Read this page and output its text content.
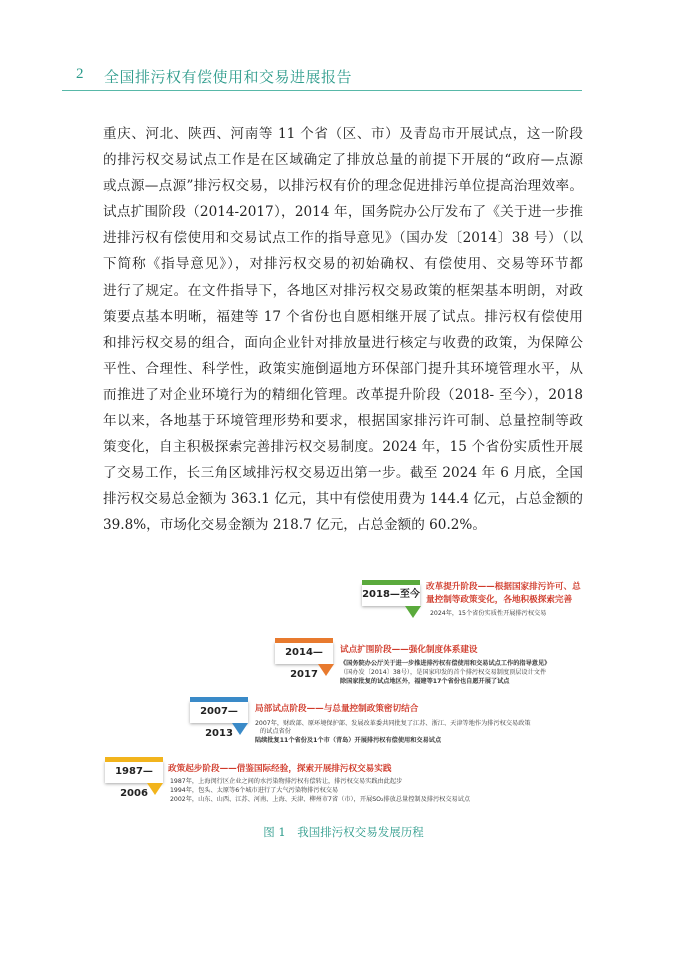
2 全国排污权有偿使用和交易进展报告
重庆、河北、陕西、河南等 11 个省（区、市）及青岛市开展试点，这一阶段
的排污权交易试点工作是在区域确定了排放总量的前提下开展的“政府—点源
或点源—点源”排污权交易，以排污权有价的理念促进排污单位提高治理效率。
试点扩围阶段（2014-2017），2014 年，国务院办公厅发布了《关于进一步推
进排污权有偿使用和交易试点工作的指导意见》（国办发〔2014〕38 号）（以
下简称《指导意见》），对排污权交易的初始确权、有偿使用、交易等环节都
进行了规定。在文件指导下，各地区对排污权交易政策的框架基本明朗，对政
策要点基本明晰，福建等 17 个省份也自愿相继开展了试点。排污权有偿使用
和排污权交易的组合，面向企业针对排放量进行核定与收费的政策，为保障公
平性、合理性、科学性，政策实施倒逼地方环保部门提升其环境管理水平，从
而推进了对企业环境行为的精细化管理。改革提升阶段（2018- 至今），2018
年以来，各地基于环境管理形势和要求，根据国家排污许可制、总量控制等政
策变化，自主积极探索完善排污权交易制度。2024 年，15 个省份实质性开展
了交易工作，长三角区域排污权交易迈出第一步。截至 2024 年 6 月底，全国
排污权交易总金额为 363.1 亿元，其中有偿使用费为 144.4 亿元，占总金额的
39.8%，市场化交易金额为 218.7 亿元，占总金额的 60.2%。
2018—至今
改革提升阶段——根据国家排污许可、总
量控制等政策变化，各地积极探索完善
2024年，15个省份实质性开展排污权交易
2014—2017
试点扩围阶段——强化制度体系建设
《国务院办公厅关于进一步推进排污权有偿使用和交易试点工作的指导意见》
（国办发〔2014〕38号），是国家印发的首个排污权交易制度顶层设计文件
除国家批复的试点地区外，福建等17个省份也自愿开展了试点
2007—2013
局部试点阶段——与总量控制政策密切结合
2007年，财政部、原环境保护部、发展改革委共同批复了江苏、浙江、天津等地作为排污权交易政策
的试点省份
陆续批复11个省份及1个市（青岛）开展排污权有偿使用和交易试点
1987—2006
政策起步阶段——借鉴国际经验，探索开展排污权交易实践
1987年，上海闵行区企业之间的水污染物排污权有偿转让，排污权交易实践由此起步
1994年，包头、太原等6个城市进行了大气污染物排污权交易
2002年，山东、山西、江苏、河南、上海、天津、柳州市7省（市），开展SO₂排放总量控制及排污权交易试点
图 1　我国排污权交易发展历程
